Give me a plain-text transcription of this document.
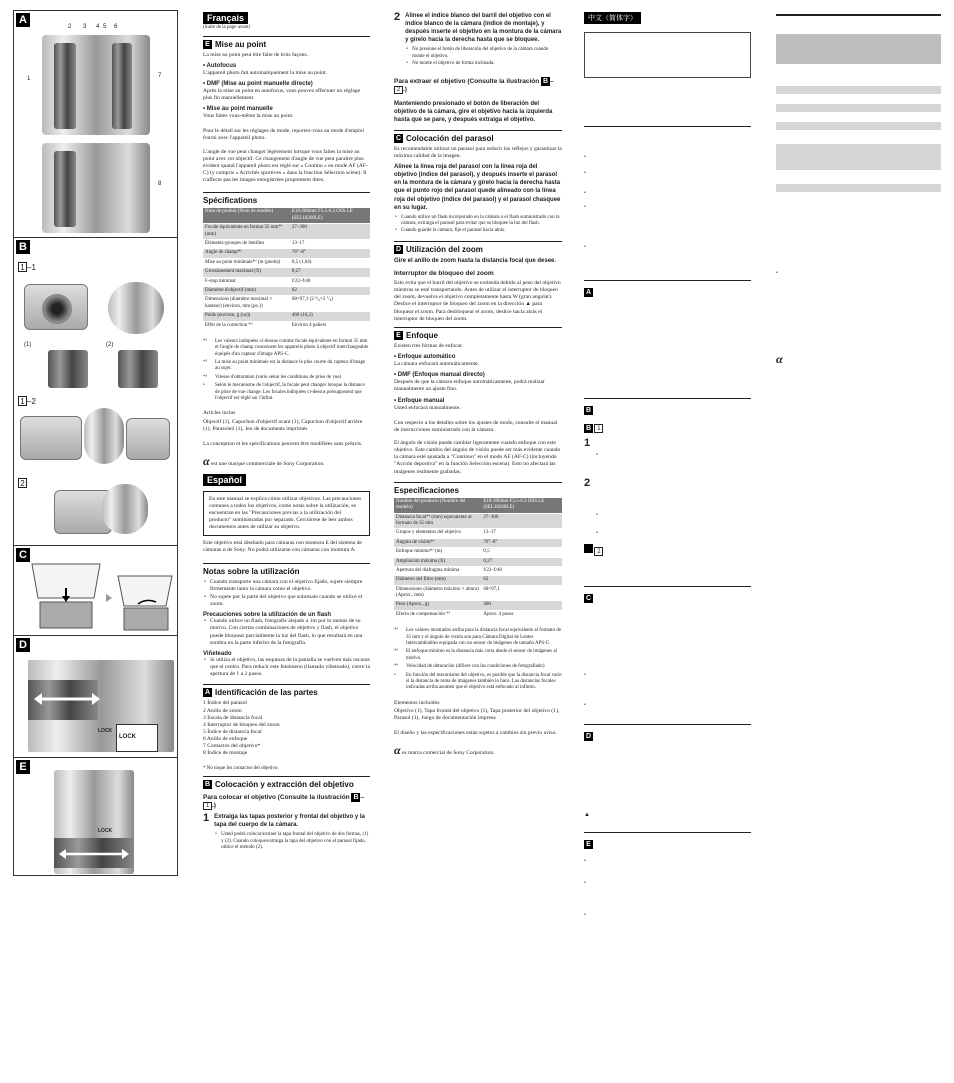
A
2 3 4 5 6
1	7
8
B
1 –1
(1)	(2)
1 –2
2
C
D
LOCK
LOCK
E
LOCK
Français

(Suite de la page avant)

E Mise au point

La mise au point peut être faite de trois façons.

• Autofocus

L'appareil photo fait automatiquement la mise au point.

• DMF (Mise au point manuelle directe)

Après la mise au point en autofocus, vous pouvez effectuer un réglage plus fin manuellement.

• Mise au point manuelle

Vous faites vous-même la mise au point.

Pour le détail sur les réglages de mode, reportez-vous au mode d'emploi fourni avec l'appareil photo.

L'angle de vue peut changer légèrement lorsque vous faites la mise au point avec cet objectif. Ce changement d'angle de vue peut paraître plus évident quand l'appareil photo est réglé sur « Continu » en mode AF (AF-C) (y compris « Activités sportives » dans la fonction Sélection scène). Il n'affecte pas les images enregistrées proprement dites.

Spécifications
Nom de produit (Nom de modèle)	E18-200mm F3.5-6.3 OSS LE (SEL18200LE)
Focale équivalente en format 35 mm*¹ (mm)	27–300
Éléments-groupes de lentilles	13–17
Angle de champ*¹	76°–8°
Mise au point minimale*² (m (pieds))	0,5 (1,64)
Grossissement maximal (X)	0,27
F-stop minimal	f/22–f/40
Diamètre d'objectif (mm)	62
Dimensions (diamètre maximal × hauteur) (environ, mm (po.))	68×97,1 (2 ⁵/₈×3 ⁷/₈)
Poids (environ, g (oz))	460 (16,2)
Effet de la correction *³	Environ 4 paliers
*¹ Les valeurs indiquées ci-dessus comme focale équivalente en format 35 mm et l'angle de champ concernent les appareils photo à objectif interchangeable équipés d'un capteur d'image APS-C.
*² La mise au point minimale est la distance la plus courte du capteur d'image au sujet.
*³ Vitesse d'obturation (varie selon les conditions de prise de vue)
• Selon le mécanisme de l'objectif, la focale peut changer lorsque la distance de prise de vue change. Les focales indiquées ci-dessus présupposent que l'objectif est réglé sur l'infini.

Articles inclus

Objectif (1), Capuchon d'objectif avant (1), Capuchon d'objectif arrière (1), Parasoleil (1), Jeu de documents imprimés

La conception et les spécifications peuvent être modifiées sans préavis.

α est une marque commerciale de Sony Corporation.

Español
En este manual se explica cómo utilizar objetivos. Las precauciones comunes a todos los objetivos, como notas sobre la utilización, se encuentran en las "Precauciones previas a la utilización del producto" suministradas por separado. Cerciórese de leer ambos documentos antes de utilizar su objetivo.

Este objetivo está diseñado para cámaras con montura E del sistema de cámaras α de Sony. No podrá utilizarse con cámaras con montura A.

Notas sobre la utilización
• Cuando transporte una cámara con el objetivo fijado, sujete siempre firmemente tanto la cámara como el objetivo.
• No sujete por la parte del objetivo que sobresale cuando se utilice el zoom.
Precauciones sobre la utilización de un flash
• Cuando utilice un flash, fotografíe alejado a 1m por lo menos de su motivo. Con ciertas combinaciones de objetivo y flash, el objetivo puede bloquear parcialmente la luz del flash, lo que resultará en una sombra en la parte inferior de la fotografía.
Viñeteado
• Si utiliza el objetivo, las esquinas de la pantalla se vuelven más oscuras que el centro. Para reducir este fenómeno (llamado viñeteado), cierre la apertura de 1 a 2 pasos.
A Identificación de las partes
1 Índice del parasol
2 Anillo de zoom
3 Escala de distancia focal
4 Interruptor de bloqueo del zoom
5 Índice de distancia focal
6 Anillo de enfoque
7 Contactos del objetivo*
8 Índice de montaje

* No toque los contactos del objetivo.

B Colocación y extracción del objetivo
Para colocar el objetivo (Consulte la ilustración B –1 .)
1 Extraiga las tapas posterior y frontal del objetivo y la tapa del cuerpo de la cámara.
• Usted podrá colocar/extraer la tapa frontal del objetivo de dos formas, (1) y (2). Cuando coloque/extraiga la tapa del objetivo con el parasol fijado, utilice el método (2).
2 Alinee el índice blanco del barril del objetivo con el índice blanco de la cámara (índice de montaje), y después inserte el objetivo en la montura de la cámara y gírelo hacia la derecha hasta que se bloquee.
• No presione el botón de liberación del objetivo de la cámara cuando monte el objetivo.
• No monte el objetivo de forma inclinada.
Para extraer el objetivo (Consulte la ilustración B –2 .)
Manteniendo presionado el botón de liberación del objetivo de la cámara, gire el objetivo hacia la izquierda hasta que se pare, y después extraiga el objetivo.
C Colocación del parasol

Es recomendable utilizar un parasol para reducir los reflejos y garantizar la máxima calidad de la imagen.

Alinee la línea roja del parasol con la línea roja del objetivo (índice del parasol), y después inserte el parasol en la montura de la cámara y gírelo hacia la derecha hasta que el punto rojo del parasol quede alineado con la línea roja del objetivo (índice del parasol) y el parasol chasquee en su lugar.
• Cuando utilice un flash incorporado en la cámara o el flash suministrado con la cámara, extraiga el parasol para evitar que se bloquee la luz del flash.
• Cuando guarde la cámara, fije el parasol hacia atrás.
D Utilización del zoom
Gire el anillo de zoom hasta la distancia focal que desee.
Interruptor de bloqueo del zoom

Esto evita que el barril del objetivo se extienda debido al peso del objetivo mientras se esté transportando. Antes de utilizar el interruptor de bloqueo del zoom, devuelva el objetivo completamente hasta W (gran angular). Deslice el interruptor de bloqueo del zoom en la dirección ▲ para bloquear el zoom. Para desbloquear el zoom, deslice hacia atrás el interruptor de bloqueo del zoom.

E Enfoque

Existen tres formas de enfocar.

• Enfoque automático

La cámara enfocará automáticamente.

• DMF (Enfoque manual directo)

Después de que la cámara enfoque automáticamente, podrá realizar manualmente un ajuste fino.

• Enfoque manual

Usted enfocará manualmente.

Con respecto a los detalles sobre los ajustes de modo, consulte el manual de instrucciones suministrado con la cámara.

El ángulo de visión puede cambiar ligeramente cuando enfoque con este objetivo. Este cambio del ángulo de visión puede ser más evidente cuando la cámara esté ajustada a "Continuo" en el modo AF (AF-C) (incluyendo "Acción deportiva" en la función Selección escena). Esto no afectará las imágenes realmente grabadas.

Especificaciones
Nombre del producto (Nombre del modelo)	E18-200mm F3.5-6.3 OSS LE (SEL18200LE)
Distancia focal*¹ (mm) equivalente al formato de 35 mm	27–300
Grupos y elementos del objetivo	13–17
Ángulo de visión*¹	76°–8°
Enfoque mínimo*² (m)	0,5
Ampliación máxima (X)	0,27
Apertura del diafragma mínima	f/22–f/40
Diámetro del filtro (mm)	62
Dimensiones (diámetro máximo × altura) (Aprox., mm)	68×97,1
Peso (Aprox., g)	460
Efecto de compensación *³	Aprox. 4 pasos
*¹ Los valores mostrados arriba para la distancia focal equivalente al formato de 35 mm y el ángulo de visión son para Cámara Digital de Lentes Intercambiables equipada con un sensor de imágenes de tamaño APS-C.
*² El enfoque mínimo es la distancia más corta desde el sensor de imágenes al motivo.
*³ Velocidad de obturación (difiere con las condiciones de fotografiado)
• En función del mecanismo del objetivo, es posible que la distancia focal varíe si la distancia de toma de imágenes también lo hace. Las distancias focales indicadas arriba asumen que el objetivo está enfocado al infinito.

Elementos incluidos

Objetivo (1), Tapa frontal del objetivo (1), Tapa posterior del objetivo (1), Parasol (1), Juego de documentación impresa

El diseño y las especificaciones están sujetos a cambios sin previo aviso.

α es marca comercial de Sony Corporation.

中文（简体字）
•
•
•
•
•
A
B
B 1
1
•
2
•
•
2
C
•
•
D
▲
E
•
•
•
•
α
